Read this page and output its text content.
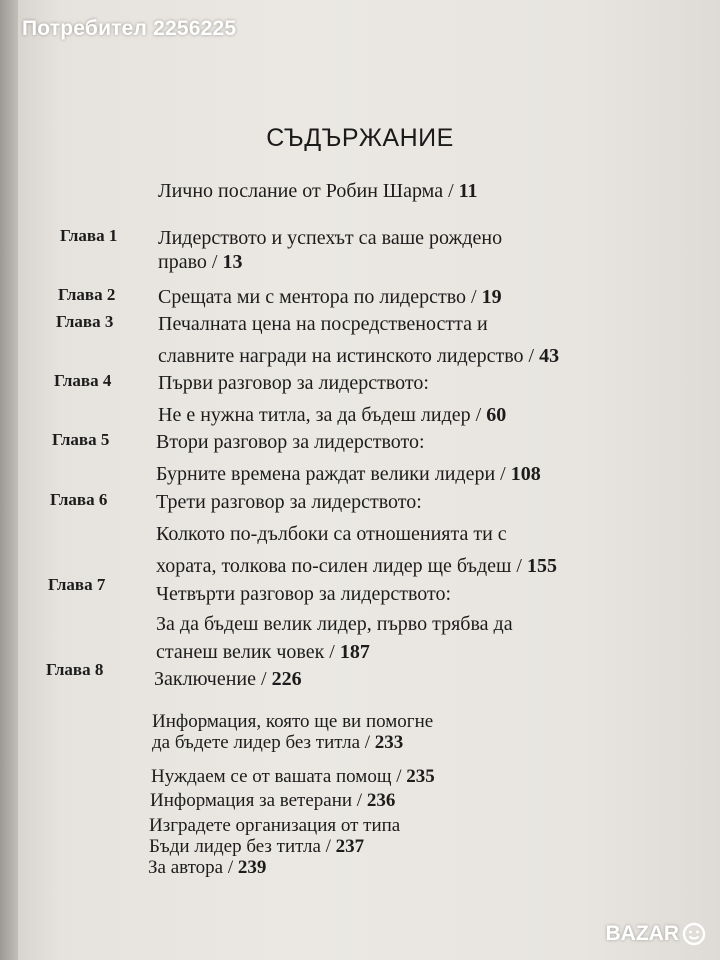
Потребител 2256225
СЪДЪРЖАНИЕ
Лично послание от Робин Шарма / 11
Глава 1 Лидерството и успехът са ваше рождено
право / 13
Глава 2 Срещата ми с ментора по лидерство / 19
Глава 3 Печалната цена на посредствеността и
славните награди на истинското лидерство / 43
Глава 4 Първи разговор за лидерството:
Не е нужна титла, за да бъдеш лидер / 60
Глава 5 Втори разговор за лидерството:
Бурните времена раждат велики лидери / 108
Глава 6 Трети разговор за лидерството:
Колкото по-дълбоки са отношенията ти с
хората, толкова по-силен лидер ще бъдеш / 155
Глава 7	Четвърти разговор за лидерството:
За да бъдеш велик лидер, първо трябва да
станеш велик човек / 187
Глава 8	Заключение / 226
Информация, която ще ви помогне
да бъдете лидер без титла / 233
Нуждаем се от вашата помощ / 235
Информация за ветерани / 236
Изградете организация от типа
Бъди лидер без титла / 237
За автора / 239
BAZAR
